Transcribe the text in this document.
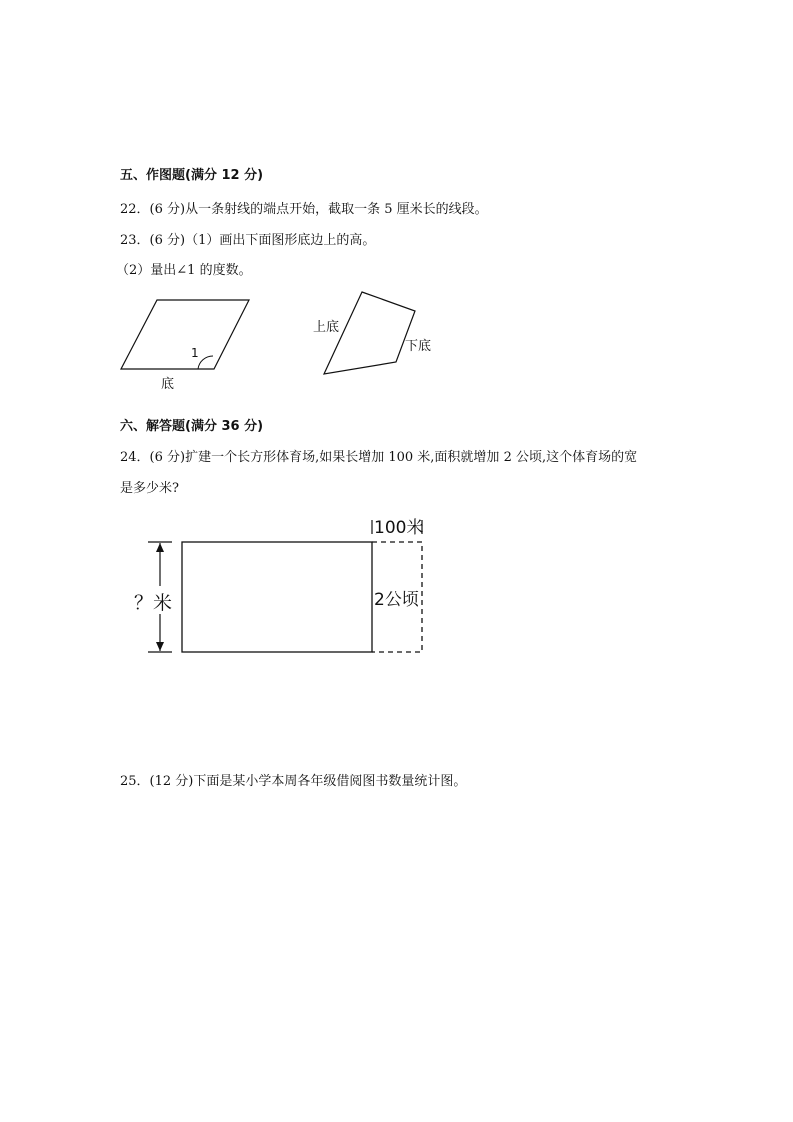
五、作图题(满分 12 分)
22．(6 分)从一条射线的端点开始，截取一条 5 厘米长的线段。
23．(6 分)（1）画出下面图形底边上的高。
（2）量出∠1 的度数。
1
底
上底
下底
六、解答题(满分 36 分)
24．(6 分)扩建一个长方形体育场,如果长增加 100 米,面积就增加 2 公顷,这个体育场的宽
是多少米?
100米
？米	2公顷
25．(12 分)下面是某小学本周各年级借阅图书数量统计图。
